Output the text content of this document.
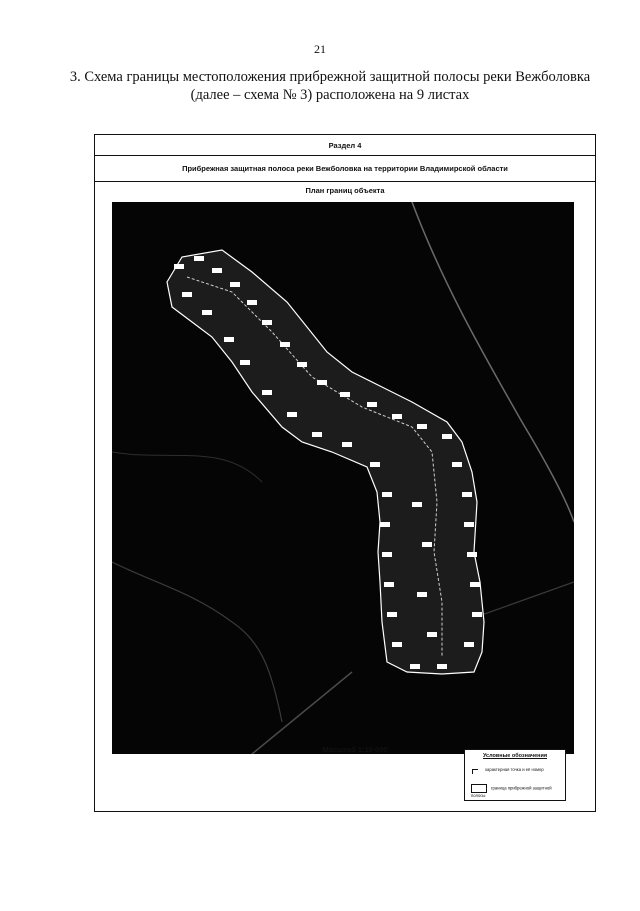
21
3. Схема границы местоположения прибрежной защитной полосы реки Вежболовка
(далее – схема № 3) расположена на 9 листах
Раздел 4
Прибрежная защитная полоса реки Вежболовка на территории Владимирской области
План границ объекта
Масштаб 1:10 000
Условные обозначения
характерная точка и её номер
граница прибрежной защитной полосы
